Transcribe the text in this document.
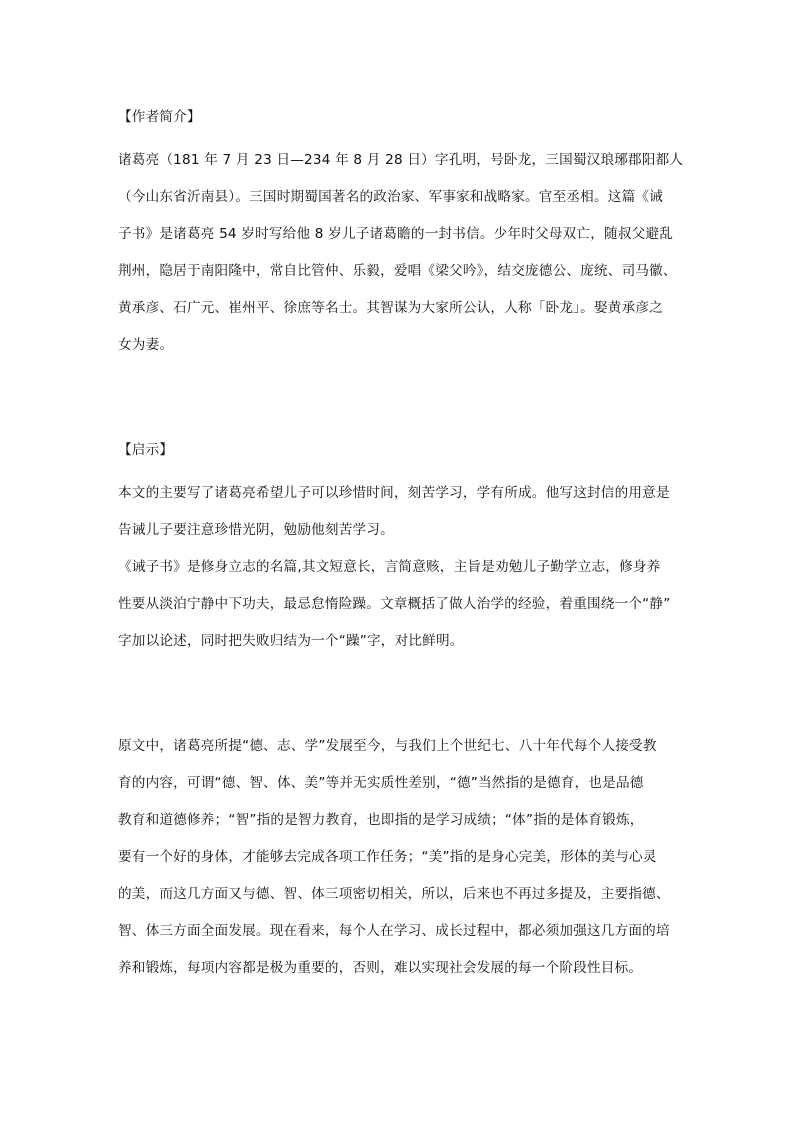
【作者简介】
诸葛亮（181 年 7 月 23 日—234 年 8 月 28 日）字孔明，号卧龙，三国蜀汉琅琊郡阳都人
（今山东省沂南县）。三国时期蜀国著名的政治家、军事家和战略家。官至丞相。这篇《诫
子书》是诸葛亮 54 岁时写给他 8 岁儿子诸葛瞻的一封书信。少年时父母双亡，随叔父避乱
荆州，隐居于南阳隆中，常自比管仲、乐毅，爱唱《梁父吟》，结交庞德公、庞统、司马徽、
黄承彦、石广元、崔州平、徐庶等名士。其智谋为大家所公认，人称「卧龙」。娶黄承彦之
女为妻。
【启示】
本文的主要写了诸葛亮希望儿子可以珍惜时间，刻苦学习，学有所成。他写这封信的用意是
告诫儿子要注意珍惜光阴，勉励他刻苦学习。
《诫子书》是修身立志的名篇,其文短意长，言简意赅，主旨是劝勉儿子勤学立志，修身养
性要从淡泊宁静中下功夫，最忌怠惰险躁。文章概括了做人治学的经验，着重围绕一个“静”
字加以论述，同时把失败归结为一个“躁”字，对比鲜明。
原文中，诸葛亮所提“德、志、学”发展至今，与我们上个世纪七、八十年代每个人接受教
育的内容，可谓“德、智、体、美”等并无实质性差别，“德”当然指的是德育，也是品德
教育和道德修养；“智”指的是智力教育，也即指的是学习成绩；“体”指的是体育锻炼，
要有一个好的身体，才能够去完成各项工作任务；“美”指的是身心完美，形体的美与心灵
的美，而这几方面又与德、智、体三项密切相关，所以，后来也不再过多提及，主要指德、
智、体三方面全面发展。现在看来，每个人在学习、成长过程中，都必须加强这几方面的培
养和锻炼，每项内容都是极为重要的，否则，难以实现社会发展的每一个阶段性目标。
